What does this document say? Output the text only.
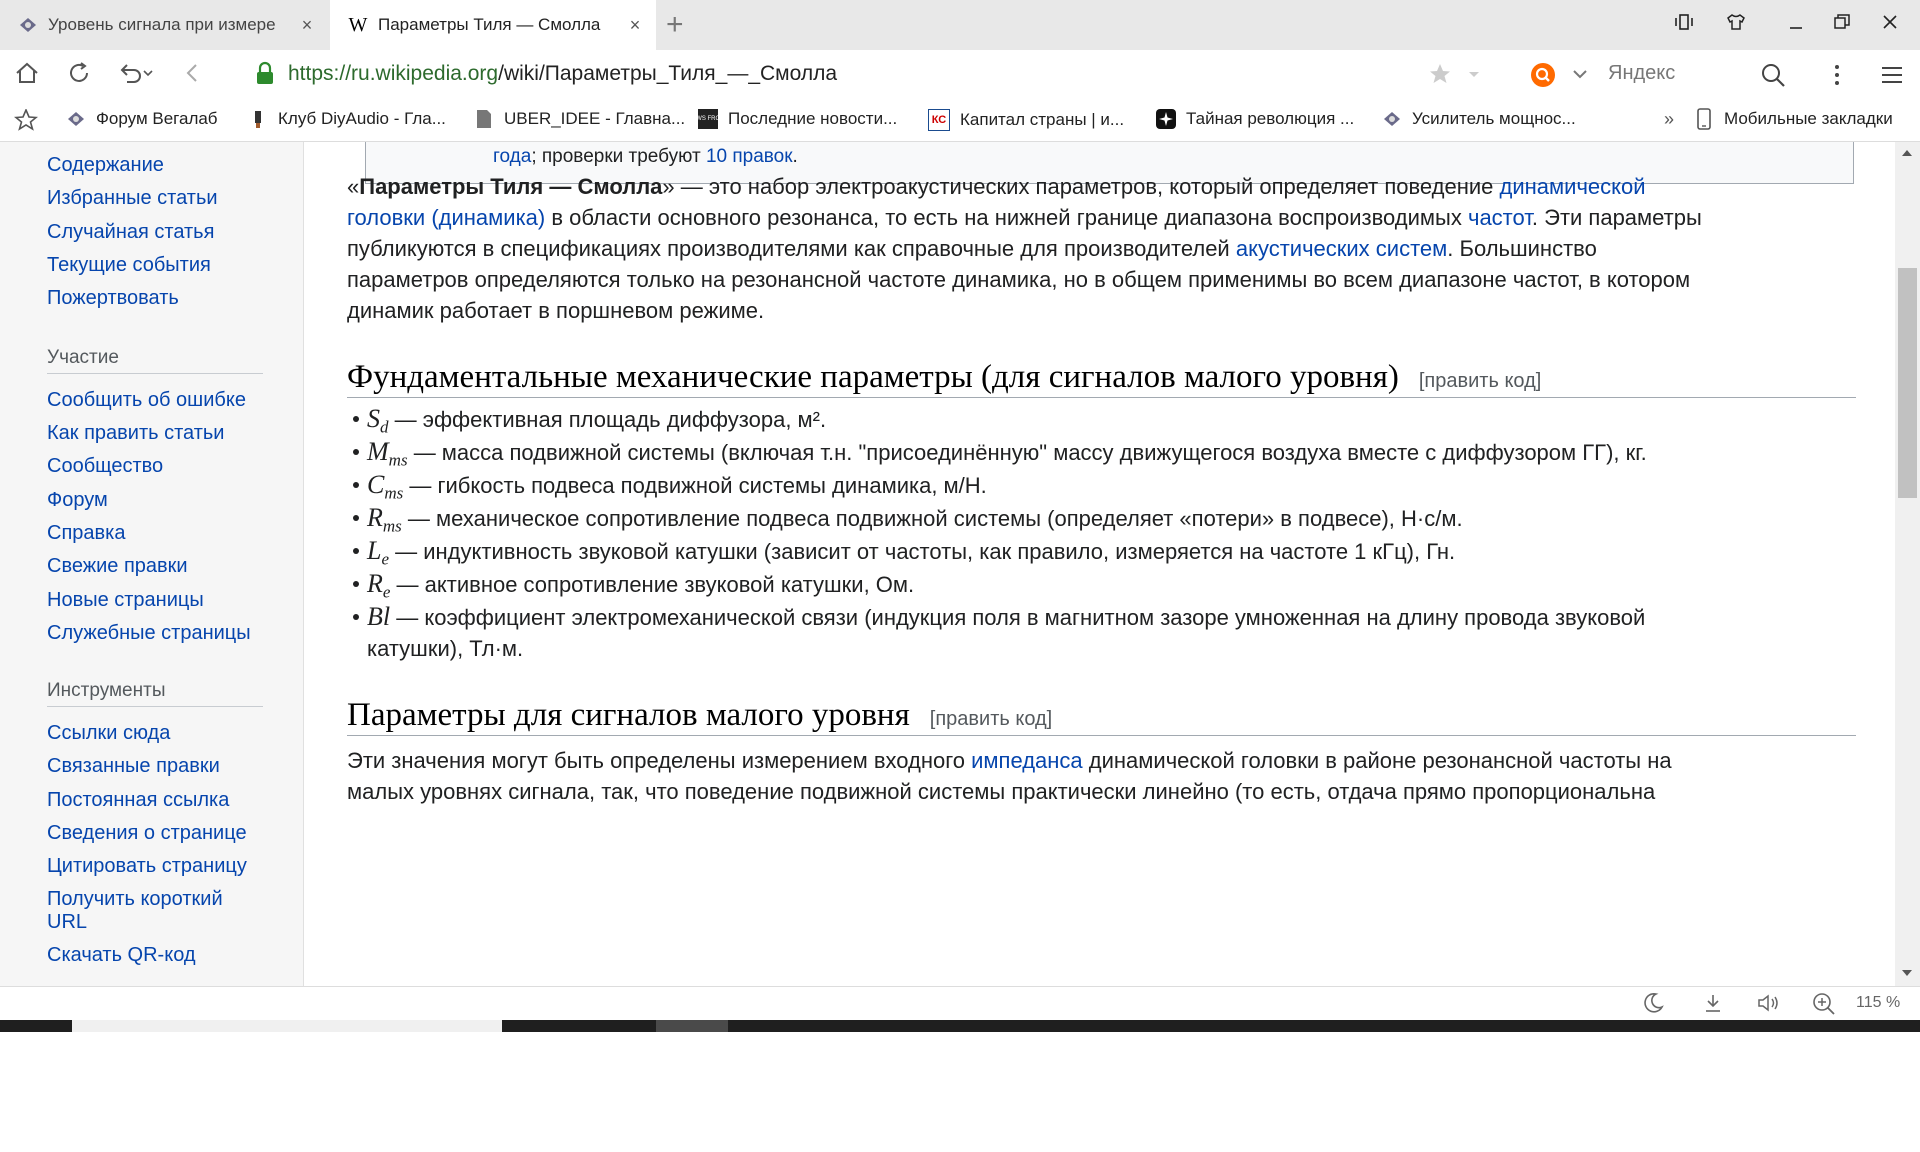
Уровень сигнала при измере	× W Параметры Тиля — Смолла	× +
https://ru.wikipedia.org/wiki/Параметры_Тиля_—_Смолла	Яндекс
Форум Вегалаб	Клуб DiyAudio - Гла...	UBER_IDEE - Главна... NEWS FRONT Последние новости...	КС Капитал страны | и...	Тайная революция ...	Усилитель мощнос...	»	Мобильные закладки
Содержание
Избранные статьи
Случайная статья
Текущие события
Пожертвовать
Участие
Сообщить об ошибке
Как править статьи
Сообщество
Форум
Справка
Свежие правки
Новые страницы
Служебные страницы
Инструменты
Ссылки сюда
Связанные правки
Постоянная ссылка
Сведения о странице
Цитировать страницу
Получить короткий
URL
Скачать QR-код
года; проверки требуют 10 правок.
«Параметры Тиля — Смолла» — это набор электроакустических параметров, который определяет поведение динамической
головки (динамика) в области основного резонанса, то есть на нижней границе диапазона воспроизводимых частот. Эти параметры
публикуются в спецификациях производителями как справочные для производителей акустических систем. Большинство
параметров определяются только на резонансной частоте динамика, но в общем применимы во всем диапазоне частот, в котором
динамик работает в поршневом режиме.
Фундаментальные механические параметры (для сигналов малого уровня) [править код]
$S_d$ — эффективная площадь диффузора, м².
$M_{ms}$ — масса подвижной системы (включая т.н. "присоединённую" массу движущегося воздуха вместе с диффузором ГГ), кг.
$C_{ms}$ — гибкость подвеса подвижной системы динамика, м/Н.
$R_{ms}$ — механическое сопротивление подвеса подвижной системы (определяет «потери» в подвесе), Н·с/м.
$L_e$ — индуктивность звуковой катушки (зависит от частоты, как правило, измеряется на частоте 1 кГц), Гн.
$R_e$ — активное сопротивление звуковой катушки, Ом.
Bl — коэффициент электромеханической связи (индукция поля в магнитном зазоре умноженная на длину провода звуковой
катушки), Тл·м.
Параметры для сигналов малого уровня [править код]
Эти значения могут быть определены измерением входного импеданса динамической головки в районе резонансной частоты на
малых уровнях сигнала, так, что поведение подвижной системы практически линейно (то есть, отдача прямо пропорциональна
115 %
